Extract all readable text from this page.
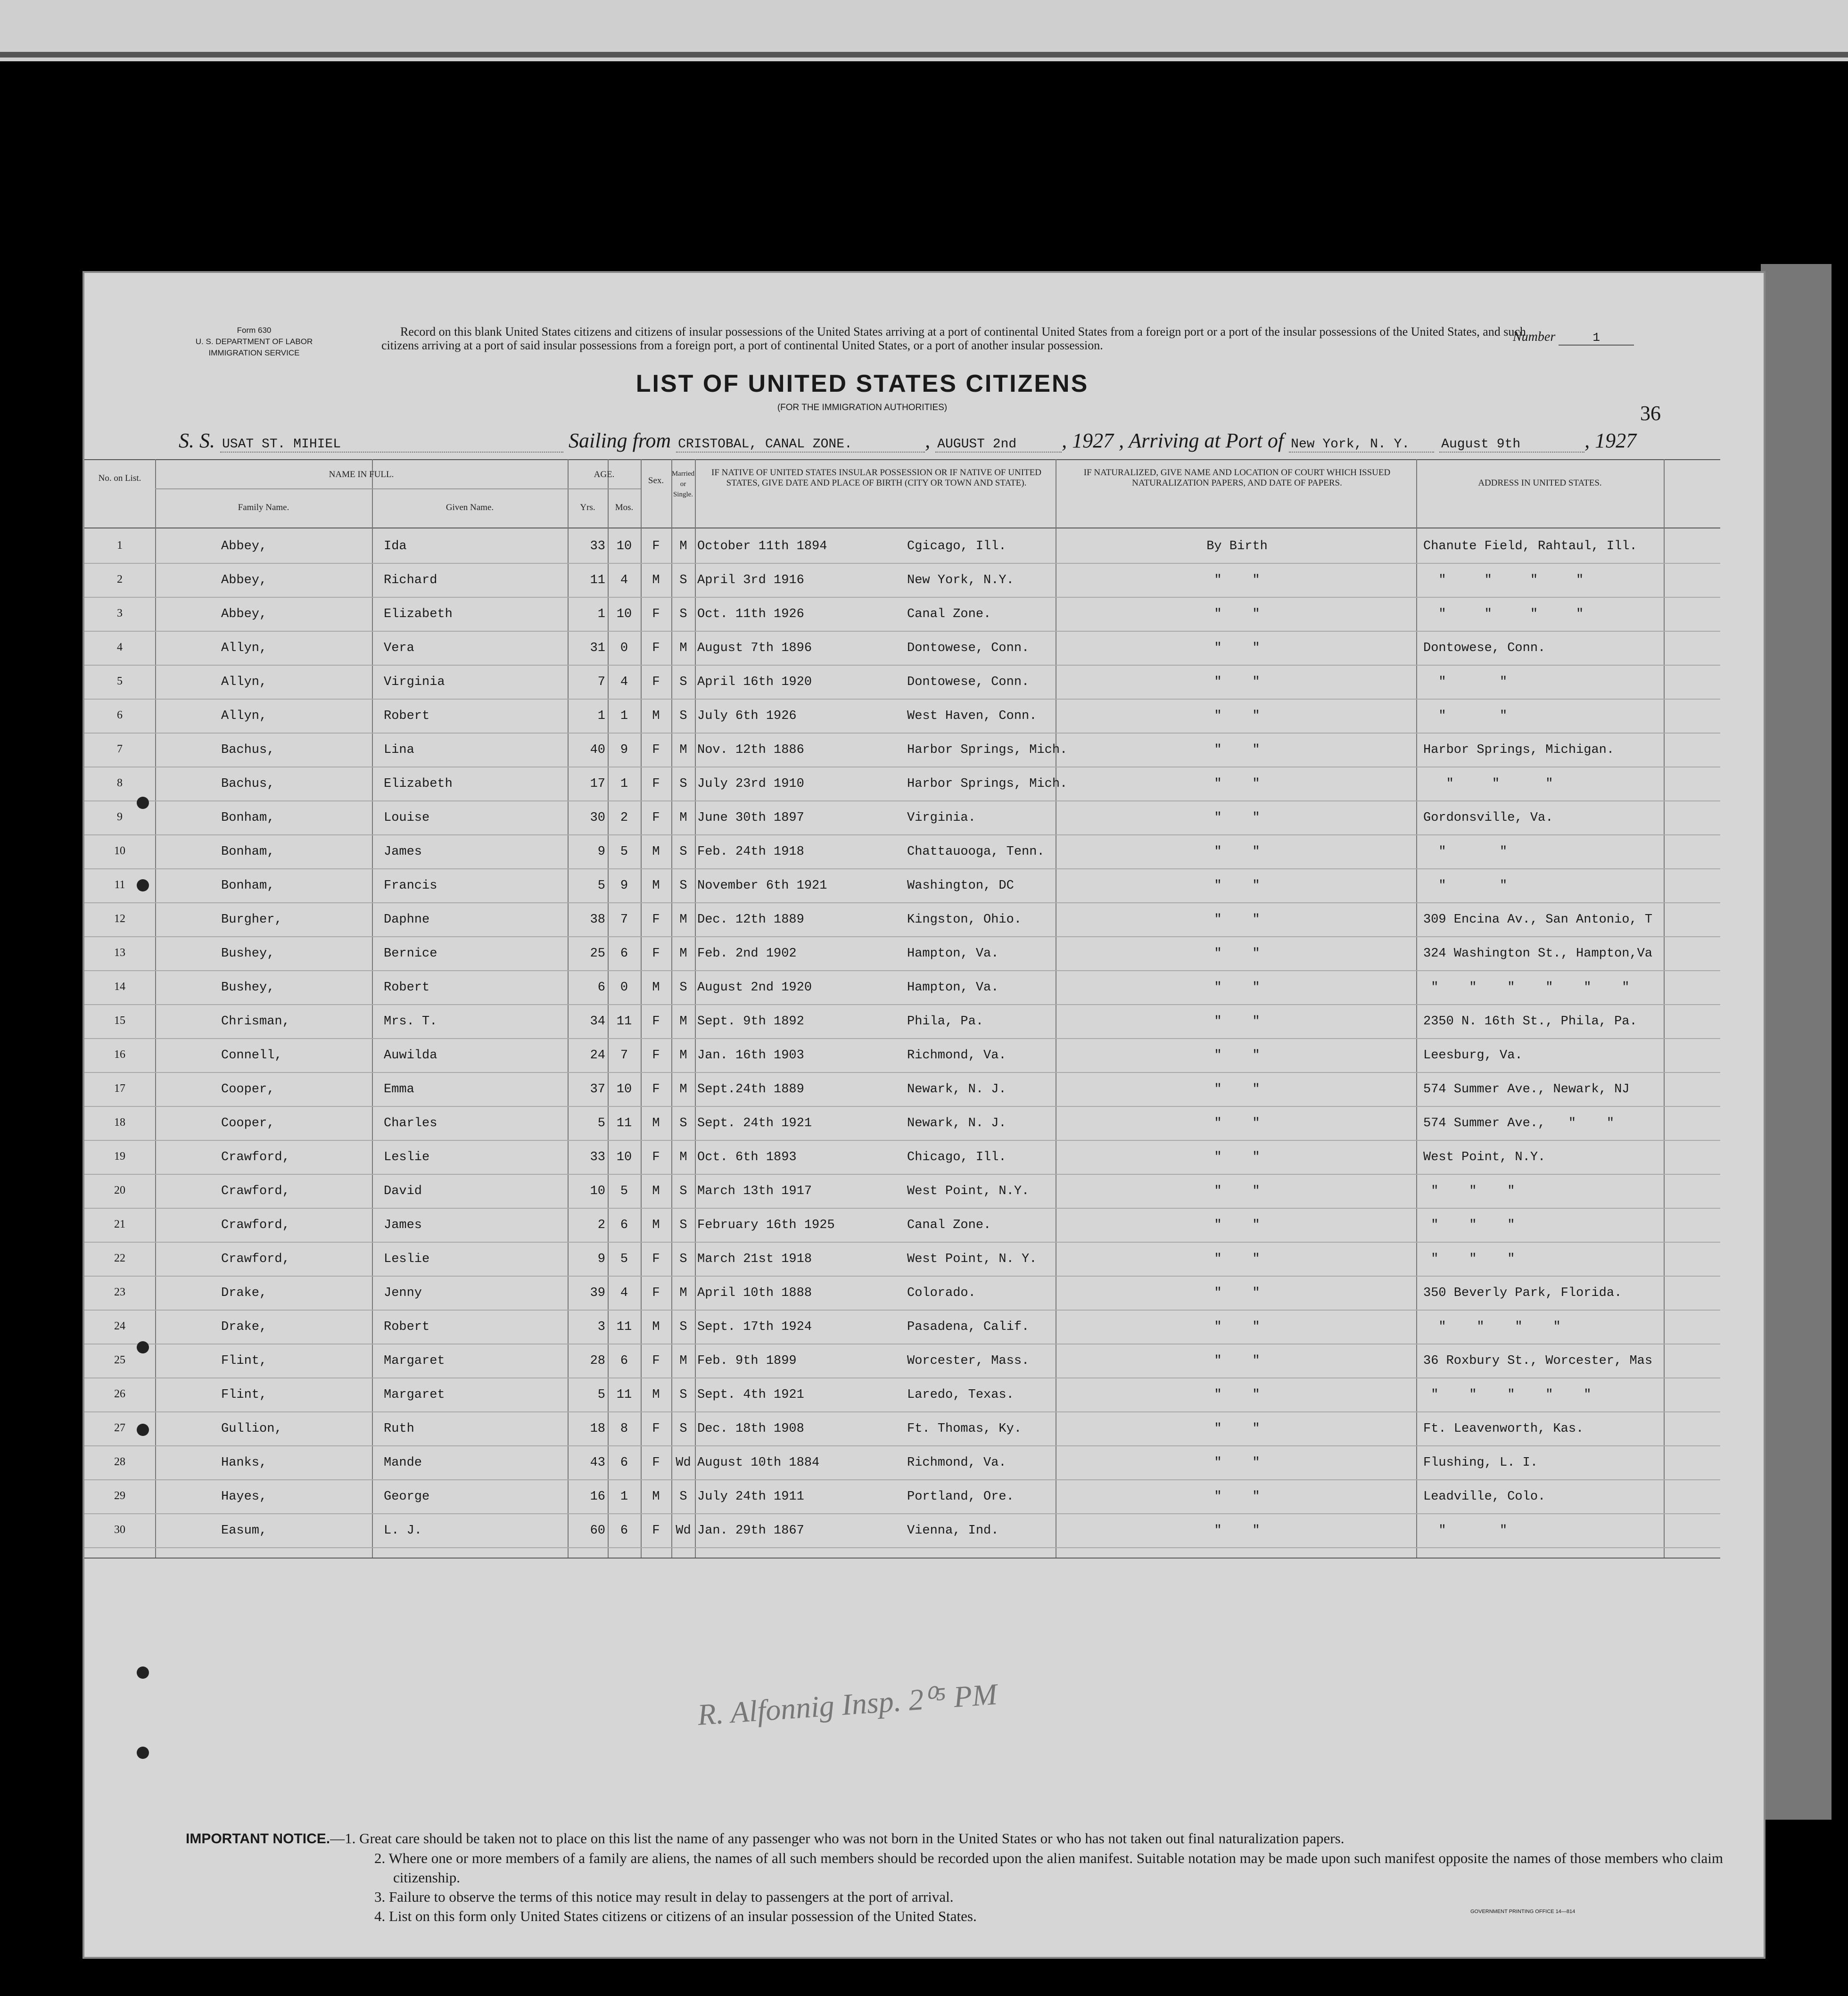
Form 630
U. S. DEPARTMENT OF LABOR
IMMIGRATION SERVICE
Record on this blank United States citizens and citizens of insular possessions of the United States arriving at a port of continental United States from a foreign port or a port of the insular possessions of the United States, and such citizens arriving at a port of said insular possessions from a foreign port, a port of continental United States, or a port of another insular possession.
Number	1
LIST OF UNITED STATES CITIZENS
(FOR THE IMMIGRATION AUTHORITIES)	36
S. S. USAT ST. MIHIEL	Sailing from CRISTOBAL, CANAL ZONE.	, AUGUST 2nd , 1927 , Arriving at Port of New York, N. Y. August 9th	, 1927
No. on List.	NAME IN FULL.
Family Name.	Given Name.
AGE.
Yrs.	Mos.
Sex.
Married or Single.
IF NATIVE OF UNITED STATES INSULAR POSSESSION OR IF NATIVE OF UNITED STATES, GIVE DATE AND PLACE OF BIRTH (CITY OR TOWN AND STATE).
IF NATURALIZED, GIVE NAME AND LOCATION OF COURT WHICH ISSUED NATURALIZATION PAPERS, AND DATE OF PAPERS.	ADDRESS IN UNITED STATES.
1	Abbey,	Ida	33 10	F	M October 11th 1894	Cgicago, Ill.	By Birth	Chanute Field, Rahtaul, Ill.
2	Abbey,	Richard	11	4	M	S April 3rd 1916	New York, N.Y.	"    "	"     "     "     "
3	Abbey,	Elizabeth	1 10	F	S Oct. 11th 1926	Canal Zone.	"    "	"     "     "     "
4	Allyn,	Vera	31	0	F	M August 7th 1896	Dontowese, Conn.	"    "	Dontowese, Conn.
5	Allyn,	Virginia	7	4	F	S April 16th 1920	Dontowese, Conn.	"    "	"       "
6	Allyn,	Robert	1	1	M	S July 6th 1926	West Haven, Conn.	"    "	"       "
7	Bachus,	Lina	40	9	F	M Nov. 12th 1886	Harbor Springs, Mich.	"    "	Harbor Springs, Michigan.
8	Bachus,	Elizabeth	17	1	F	S July 23rd 1910	Harbor Springs, Mich.	"    "	"     "      "
9	Bonham,	Louise	30	2	F	M June 30th 1897	Virginia.	"    "	Gordonsville, Va.
10	Bonham,	James	9	5	M	S Feb. 24th 1918	Chattauooga, Tenn.	"    "	"       "
11	Bonham,	Francis	5	9	M	S November 6th 1921	Washington, DC	"    "	"       "
12	Burgher,	Daphne	38	7	F	M Dec. 12th 1889	Kingston, Ohio.	"    "	309 Encina Av., San Antonio, T
13	Bushey,	Bernice	25	6	F	M Feb. 2nd 1902	Hampton, Va.	"    "	324 Washington St., Hampton,Va
14	Bushey,	Robert	6	0	M	S August 2nd 1920	Hampton, Va.	"    "	"    "    "    "    "    "
15	Chrisman,	Mrs. T.	34 11	F	M Sept. 9th 1892	Phila, Pa.	"    "	2350 N. 16th St., Phila, Pa.
16	Connell,	Auwilda	24	7	F	M Jan. 16th 1903	Richmond, Va.	"    "	Leesburg, Va.
17	Cooper,	Emma	37 10	F	M Sept.24th 1889	Newark, N. J.	"    "	574 Summer Ave., Newark, NJ
18	Cooper,	Charles	5 11	M	S Sept. 24th 1921	Newark, N. J.	"    "	574 Summer Ave.,   "    "
19	Crawford,	Leslie	33 10	F	M Oct. 6th 1893	Chicago, Ill.	"    "	West Point, N.Y.
20	Crawford,	David	10	5	M	S March 13th 1917	West Point, N.Y.	"    "	"    "    "
21	Crawford,	James	2	6	M	S February 16th 1925	Canal Zone.	"    "	"    "    "
22	Crawford,	Leslie	9	5	F	S March 21st 1918	West Point, N. Y.	"    "	"    "    "
23	Drake,	Jenny	39	4	F	M April 10th 1888	Colorado.	"    "	350 Beverly Park, Florida.
24	Drake,	Robert	3 11	M	S Sept. 17th 1924	Pasadena, Calif.	"    "	"    "    "    "
25	Flint,	Margaret	28	6	F	M Feb. 9th 1899	Worcester, Mass.	"    "	36 Roxbury St., Worcester, Mas
26	Flint,	Margaret	5 11	M	S Sept. 4th 1921	Laredo, Texas.	"    "	"    "    "    "    "
27	Gullion,	Ruth	18	8	F	S Dec. 18th 1908	Ft. Thomas, Ky.	"    "	Ft. Leavenworth, Kas.
28	Hanks,	Mande	43	6	F	Wd August 10th 1884	Richmond, Va.	"    "	Flushing, L. I.
29	Hayes,	George	16	1	M	S July 24th 1911	Portland, Ore.	"    "	Leadville, Colo.
30	Easum,	L. J.	60	6	F	Wd Jan. 29th 1867	Vienna, Ind.	"    "	"       "
R. Alfonnig Insp. 2⁰⁵ PM

IMPORTANT NOTICE.—1. Great care should be taken not to place on this list the name of any passenger who was not born in the United States or who has not taken out final naturalization papers.

2. Where one or more members of a family are aliens, the names of all such members should be recorded upon the alien manifest. Suitable notation may be made upon such manifest opposite the names of those members who claim citizenship.

3. Failure to observe the terms of this notice may result in delay to passengers at the port of arrival.

4. List on this form only United States citizens or citizens of an insular possession of the United States.	GOVERNMENT PRINTING OFFICE 14—814
